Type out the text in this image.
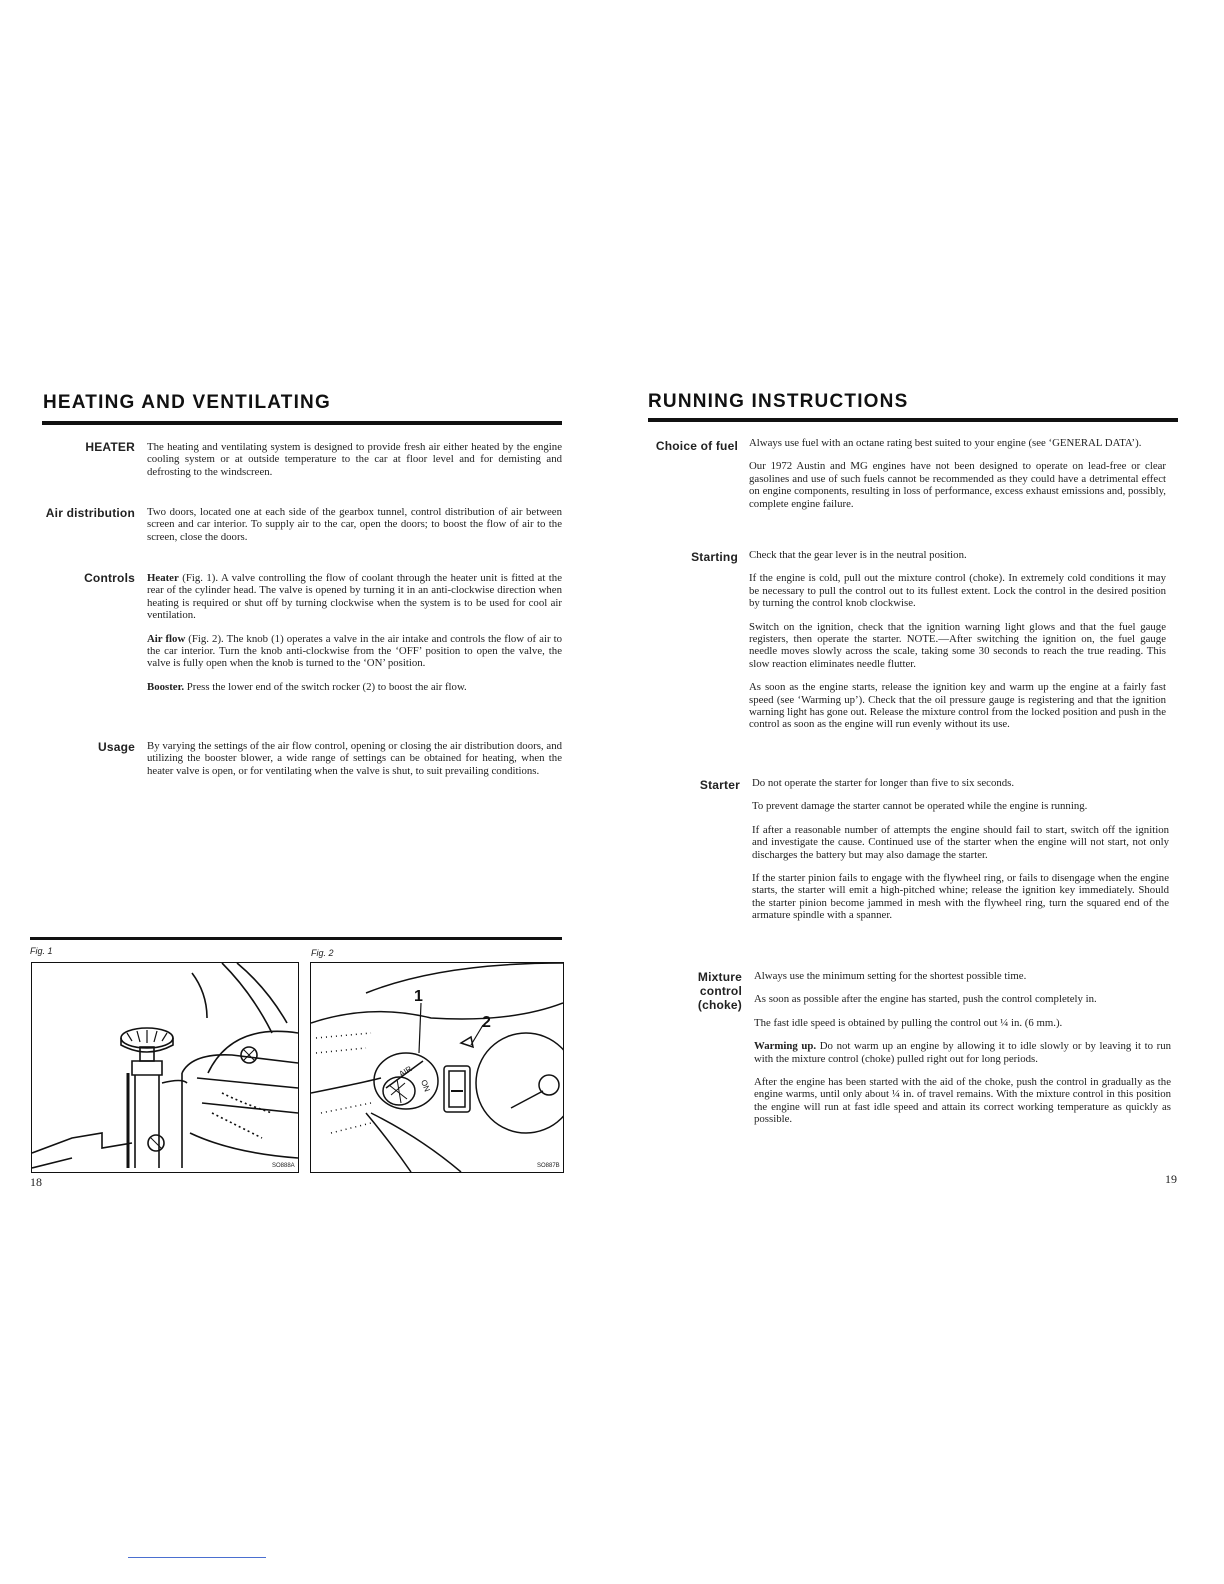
HEATING AND VENTILATING
HEATER The heating and ventilating system is designed to provide fresh air either heated by the engine cooling system or at outside temperature to the car at floor level and for demisting and defrosting to the windscreen.

Air distribution Two doors, located one at each side of the gearbox tunnel, control distribution of air between screen and car interior. To supply air to the car, open the doors; to boost the flow of air to the screen, close the doors.

Controls Heater (Fig. 1). A valve controlling the flow of coolant through the heater unit is fitted at the rear of the cylinder head. The valve is opened by turning it in an anti-clockwise direction when heating is required or shut off by turning clockwise when the system is to be used for cool air ventilation.

Air flow (Fig. 2). The knob (1) operates a valve in the air intake and controls the flow of air to the car interior. Turn the knob anti-clockwise from the ‘OFF’ position to open the valve, the valve is fully open when the knob is turned to the ‘ON’ position.

Booster. Press the lower end of the switch rocker (2) to boost the air flow.

Usage By varying the settings of the air flow control, opening or closing the air distribution doors, and utilizing the booster blower, a wide range of settings can be obtained for heating, when the heater valve is open, or for ventilating when the valve is shut, to suit prevailing conditions.

Fig. 1	Fig. 2
SO888A
1
2
AIR
ON
SO887B
18
RUNNING INSTRUCTIONS
Choice of fuel Always use fuel with an octane rating best suited to your engine (see ‘GENERAL DATA’).

Our 1972 Austin and MG engines have not been designed to operate on lead-free or clear gasolines and use of such fuels cannot be recommended as they could have a detrimental effect on engine components, resulting in loss of performance, excess exhaust emissions and, possibly, complete engine failure.

Starting Check that the gear lever is in the neutral position.

If the engine is cold, pull out the mixture control (choke). In extremely cold conditions it may be necessary to pull the control out to its fullest extent. Lock the control in the desired position by turning the control knob clockwise.

Switch on the ignition, check that the ignition warning light glows and that the fuel gauge registers, then operate the starter. NOTE.—After switching the ignition on, the fuel gauge needle moves slowly across the scale, taking some 30 seconds to reach the true reading. This slow reaction eliminates needle flutter.

As soon as the engine starts, release the ignition key and warm up the engine at a fairly fast speed (see ‘Warming up’). Check that the oil pressure gauge is registering and that the ignition warning light has gone out. Release the mixture control from the locked position and push in the control as soon as the engine will run evenly without its use.

Starter Do not operate the starter for longer than five to six seconds.

To prevent damage the starter cannot be operated while the engine is running.

If after a reasonable number of attempts the engine should fail to start, switch off the ignition and investigate the cause. Continued use of the starter when the engine will not start, not only discharges the battery but may also damage the starter.

If the starter pinion fails to engage with the flywheel ring, or fails to disengage when the engine starts, the starter will emit a high-pitched whine; release the ignition key immediately. Should the starter pinion become jammed in mesh with the flywheel ring, turn the squared end of the armature spindle with a spanner.

Mixture control (choke)

Always use the minimum setting for the shortest possible time.

As soon as possible after the engine has started, push the control completely in.

The fast idle speed is obtained by pulling the control out ¼ in. (6 mm.).

Warming up. Do not warm up an engine by allowing it to idle slowly or by leaving it to run with the mixture control (choke) pulled right out for long periods.

After the engine has been started with the aid of the choke, push the control in gradually as the engine warms, until only about ¼ in. of travel remains. With the mixture control in this position the engine will run at fast idle speed and attain its correct working temperature as quickly as possible.

19
